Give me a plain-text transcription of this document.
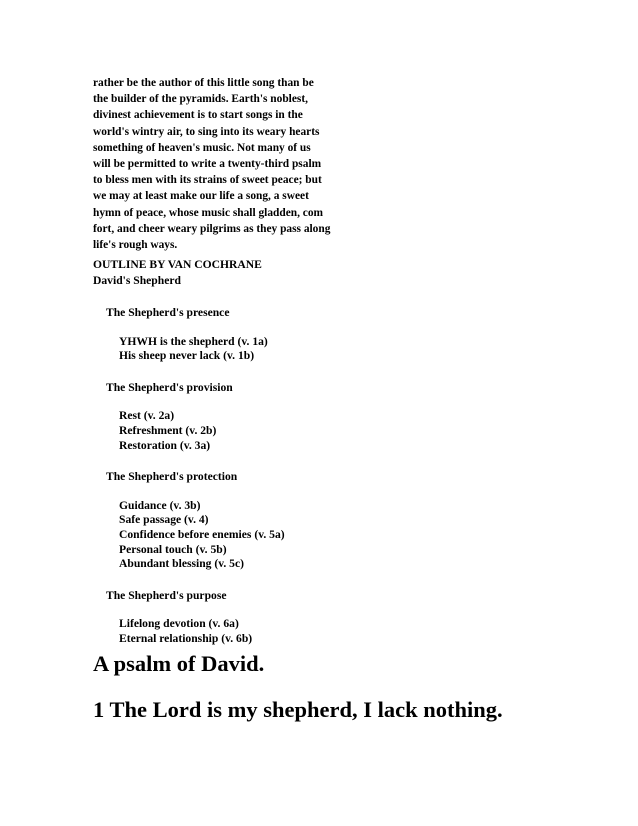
rather be the author of this little song than be
the builder of the pyramids. Earth's noblest,
divinest achievement is to start songs in the
world's wintry air, to sing into its weary hearts
something of heaven's music. Not many of us
will be permitted to write a twenty-third psalm
to bless men with its strains of sweet peace; but
we may at least make our life a song, a sweet
hymn of peace, whose music shall gladden, com
fort, and cheer weary pilgrims as they pass along
life's rough ways.
OUTLINE BY VAN COCHRANE
David's Shepherd
The Shepherd's presence
YHWH is the shepherd (v. 1a)
His sheep never lack (v. 1b)
The Shepherd's provision
Rest (v. 2a)
Refreshment (v. 2b)
Restoration (v. 3a)
The Shepherd's protection
Guidance (v. 3b)
Safe passage (v. 4)
Confidence before enemies (v. 5a)
Personal touch (v. 5b)
Abundant blessing (v. 5c)
The Shepherd's purpose
Lifelong devotion (v. 6a)
Eternal relationship (v. 6b)
A psalm of David.
1 The Lord is my shepherd, I lack nothing.
